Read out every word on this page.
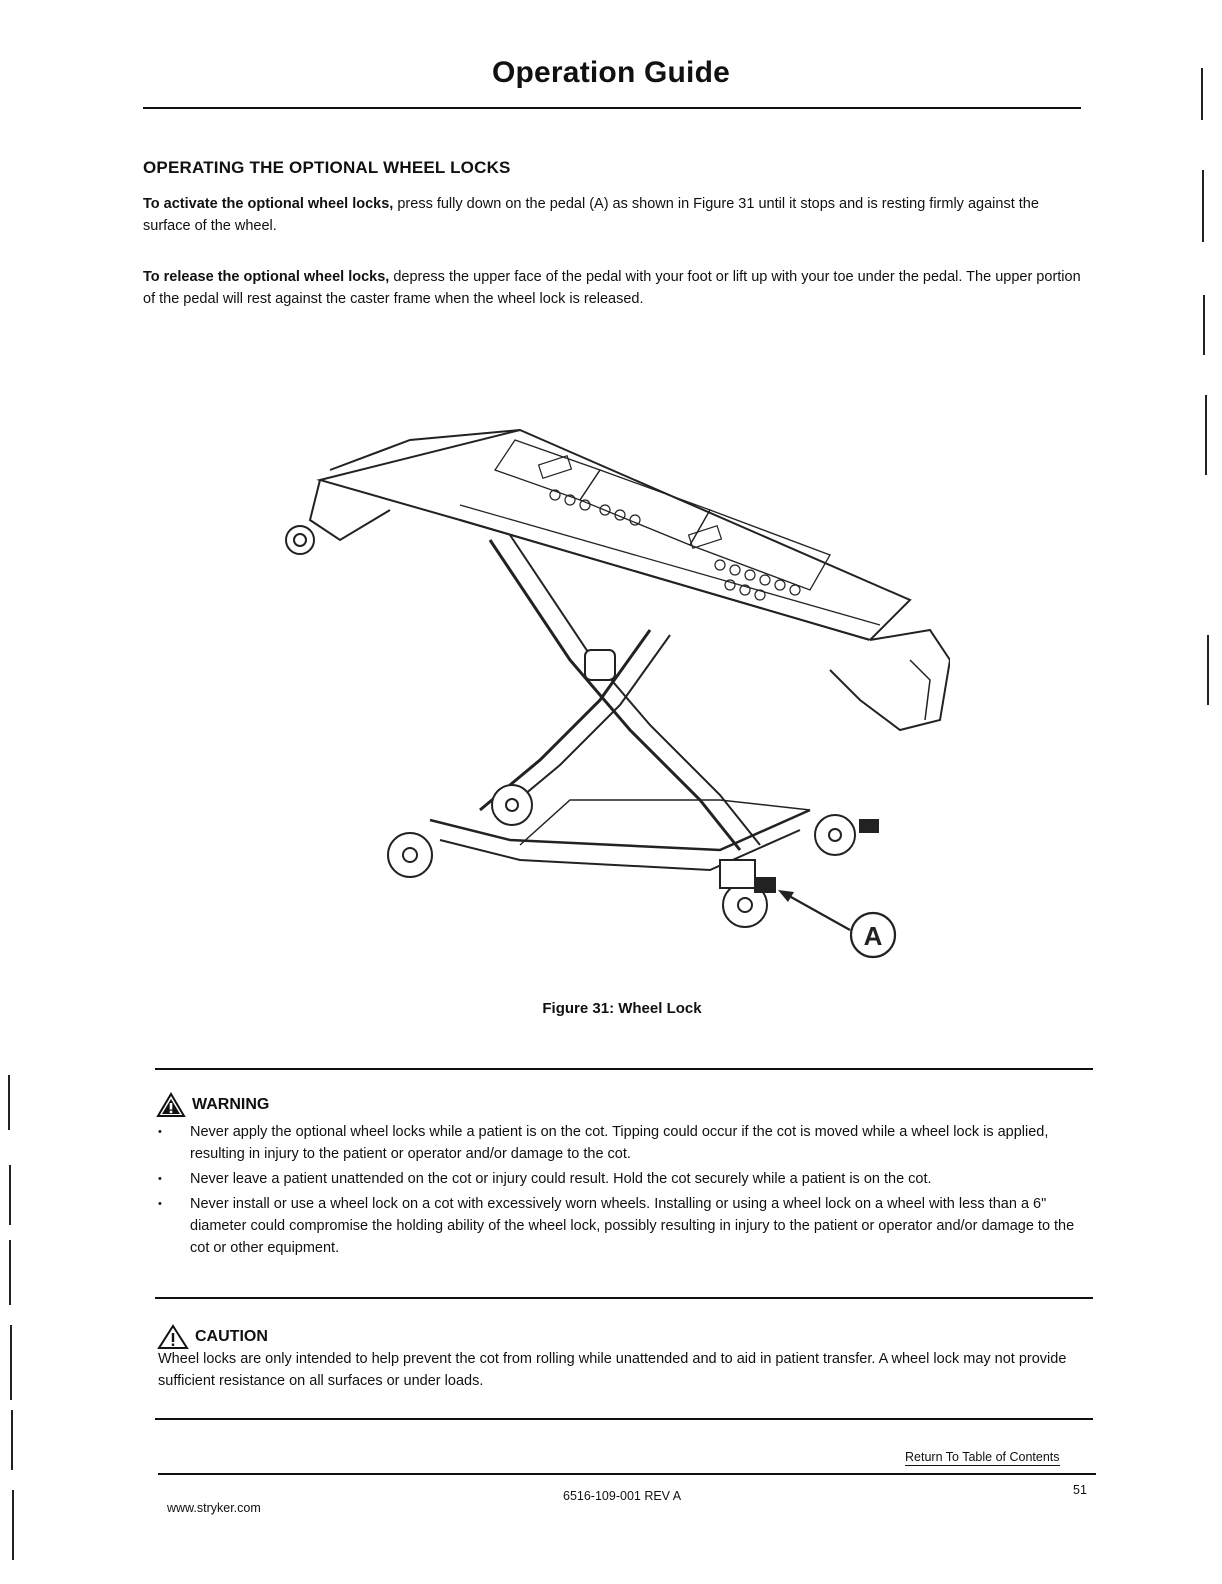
Operation Guide
OPERATING THE OPTIONAL WHEEL LOCKS

To activate the optional wheel locks, press fully down on the pedal (A) as shown in Figure 31 until it stops and is resting firmly against the surface of the wheel.

To release the optional wheel locks, depress the upper face of the pedal with your foot or lift up with your toe under the pedal. The upper portion of the pedal will rest against the caster frame when the wheel lock is released.

A
Figure 31: Wheel Lock
WARNING
• Never apply the optional wheel locks while a patient is on the cot. Tipping could occur if the cot is moved while a wheel lock is applied, resulting in injury to the patient or operator and/or damage to the cot.
• Never leave a patient unattended on the cot or injury could result. Hold the cot securely while a patient is on the cot.
• Never install or use a wheel lock on a cot with excessively worn wheels. Installing or using a wheel lock on a wheel with less than a 6" diameter could compromise the holding ability of the wheel lock, possibly resulting in injury to the patient or operator and/or damage to the cot or other equipment.
CAUTION
Wheel locks are only intended to help prevent the cot from rolling while unattended and to aid in patient transfer. A wheel lock may not provide sufficient resistance on all surfaces or under loads.
Return To Table of Contents
www.stryker.com
6516-109-001 REV A	51
